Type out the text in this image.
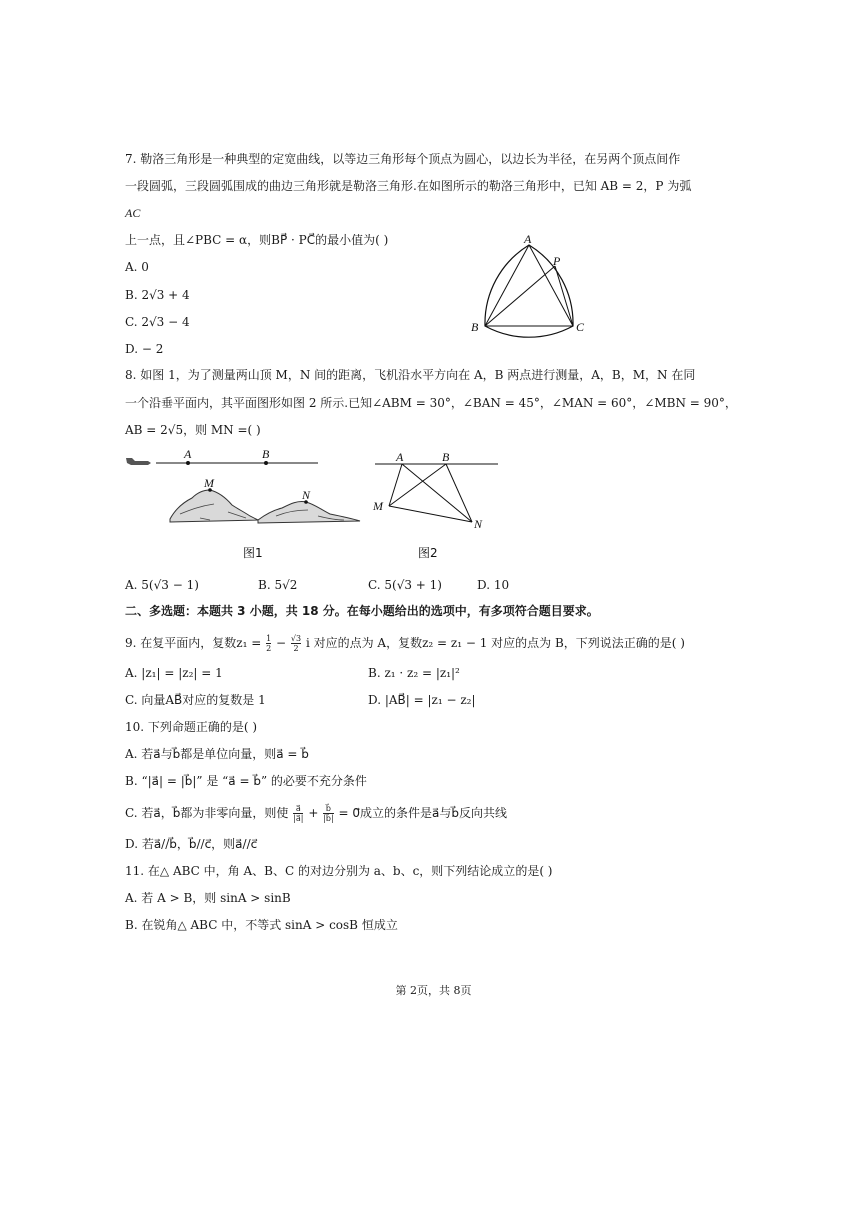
7. 勒洛三角形是一种典型的定宽曲线，以等边三角形每个顶点为圆心，以边长为半径，在另两个顶点间作
一段圆弧，三段圆弧围成的曲边三角形就是勒洛三角形.在如图所示的勒洛三角形中，已知 AB = 2，P 为弧
AC
上一点，且∠PBC = α，则BP⃗ · PC⃗的最小值为( )
A. 0
B. 2√3 + 4
C. 2√3 − 4
D. − 2
A
P
B	C
8. 如图 1，为了测量两山顶 M，N 间的距离，飞机沿水平方向在 A，B 两点进行测量，A，B，M，N 在同
一个沿垂平面内，其平面图形如图 2 所示.已知∠ABM = 30°，∠BAN = 45°，∠MAN = 60°，∠MBN = 90°，
AB = 2√5，则 MN =( )
A	B
M
N
图1
A	B
M
N
图2
A. 5(√3 − 1)	B. 5√2	C. 5(√3 + 1)	D. 10
二、多选题：本题共 3 小题，共 18 分。在每小题给出的选项中，有多项符合题目要求。
9. 在复平面内，复数$z_1 = \frac{1}{2} - \frac{√3}{2}$ i 对应的点为 A，复数z₂ = z₁ − 1 对应的点为 B，下列说法正确的是( )
A. |z₁| = |z₂| = 1	B. z₁ · z₂ = |z₁|²
C. 向量AB⃗对应的复数是 1	D. |AB⃗| = |z₁ − z₂|
10. 下列命题正确的是( )
A. 若a⃗与b⃗都是单位向量，则a⃗ = b⃗
B. “|a⃗| = |b⃗|” 是 “a⃗ = b⃗” 的必要不充分条件
C. 若a⃗，b⃗都为非零向量，则使 $\frac{a⃗}{|a⃗|} + \frac{b⃗}{|b⃗|}$ = 0⃗成立的条件是a⃗与b⃗反向共线
D. 若a⃗//b⃗，b⃗//c⃗，则a⃗//c⃗
11. 在△ ABC 中，角 A、B、C 的对边分别为 a、b、c，则下列结论成立的是( )
A. 若 A > B，则 sinA > sinB
B. 在锐角△ ABC 中，不等式 sinA > cosB 恒成立
第 2页，共 8页
